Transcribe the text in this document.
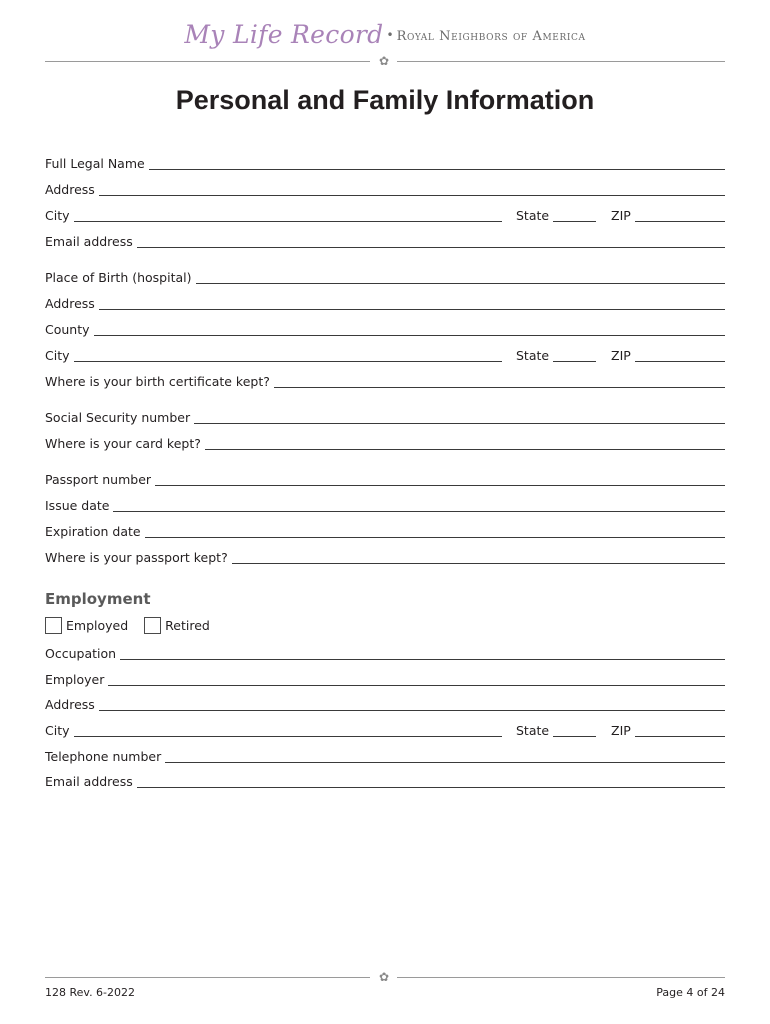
My Life Record • Royal Neighbors of America
✿
Personal and Family Information
Full Legal Name
Address
City	State	ZIP
Email address
Place of Birth (hospital)
Address
County
City	State	ZIP
Where is your birth certificate kept?
Social Security number
Where is your card kept?
Passport number
Issue date
Expiration date
Where is your passport kept?
Employment
Employed	Retired
Occupation
Employer
Address
City	State	ZIP
Telephone number
Email address
✿
128 Rev. 6-2022	Page 4 of 24
